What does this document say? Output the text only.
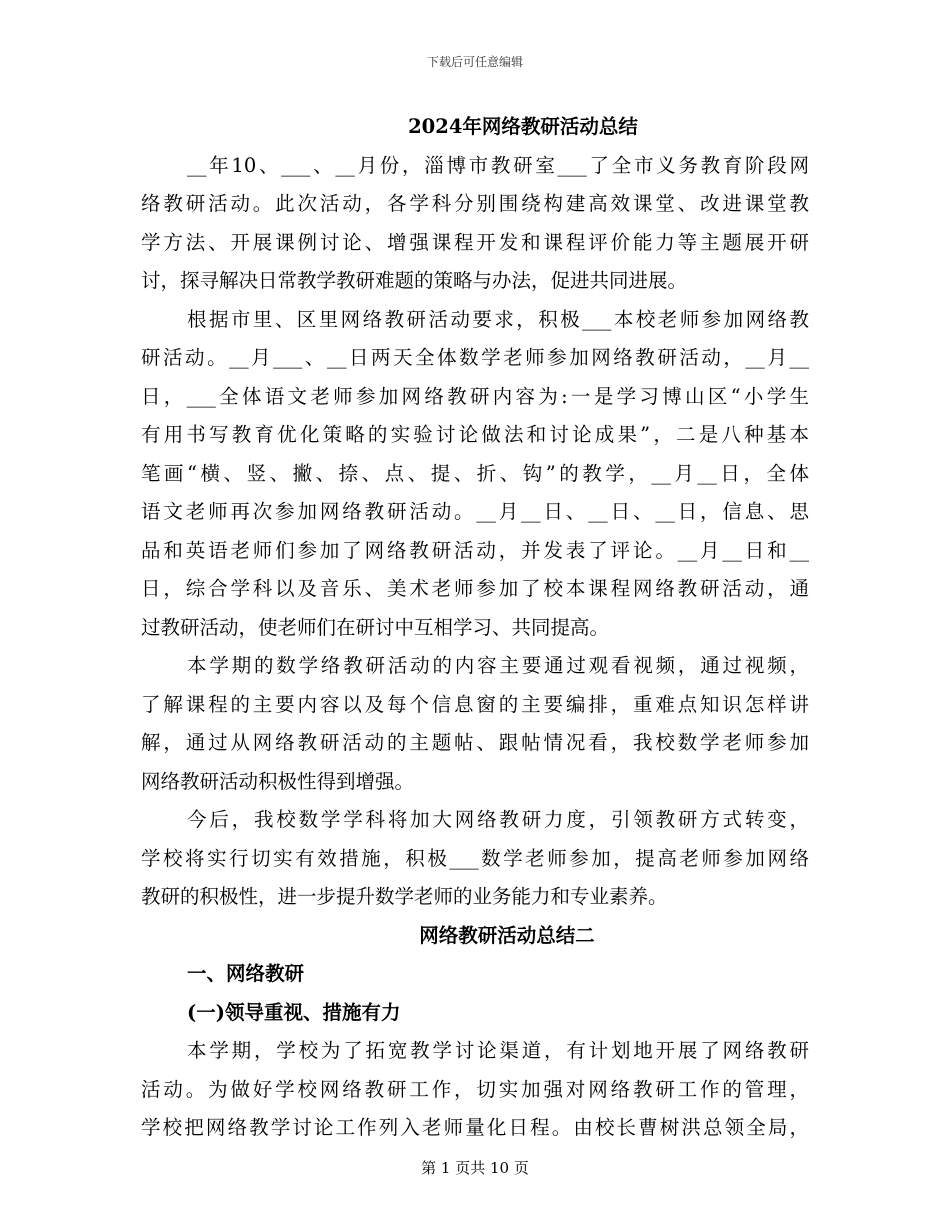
下载后可任意编辑
2024年网络教研活动总结
__年10、___、__月份，淄博市教研室___了全市义务教育阶段网
络教研活动。此次活动，各学科分别围绕构建高效课堂、改进课堂教
学方法、开展课例讨论、增强课程开发和课程评价能力等主题展开研
讨，探寻解决日常教学教研难题的策略与办法，促进共同进展。
根据市里、区里网络教研活动要求，积极___本校老师参加网络教
研活动。__月___、__日两天全体数学老师参加网络教研活动，__月__
日，___全体语文老师参加网络教研内容为:一是学习博山区“小学生
有用书写教育优化策略的实验讨论做法和讨论成果”，二是八种基本
笔画“横、竖、撇、捺、点、提、折、钩”的教学，__月__日，全体
语文老师再次参加网络教研活动。__月__日、__日、__日，信息、思
品和英语老师们参加了网络教研活动，并发表了评论。__月__日和__
日，综合学科以及音乐、美术老师参加了校本课程网络教研活动，通
过教研活动，使老师们在研讨中互相学习、共同提高。
本学期的数学络教研活动的内容主要通过观看视频，通过视频，
了解课程的主要内容以及每个信息窗的主要编排，重难点知识怎样讲
解，通过从网络教研活动的主题帖、跟帖情况看，我校数学老师参加
网络教研活动积极性得到增强。
今后，我校数学学科将加大网络教研力度，引领教研方式转变，
学校将实行切实有效措施，积极___数学老师参加，提高老师参加网络
教研的积极性，进一步提升数学老师的业务能力和专业素养。
网络教研活动总结二
一、网络教研
(一)领导重视、措施有力
本学期，学校为了拓宽教学讨论渠道，有计划地开展了网络教研
活动。为做好学校网络教研工作，切实加强对网络教研工作的管理，
学校把网络教学讨论工作列入老师量化日程。由校长曹树洪总领全局，
第 1 页共 10 页
